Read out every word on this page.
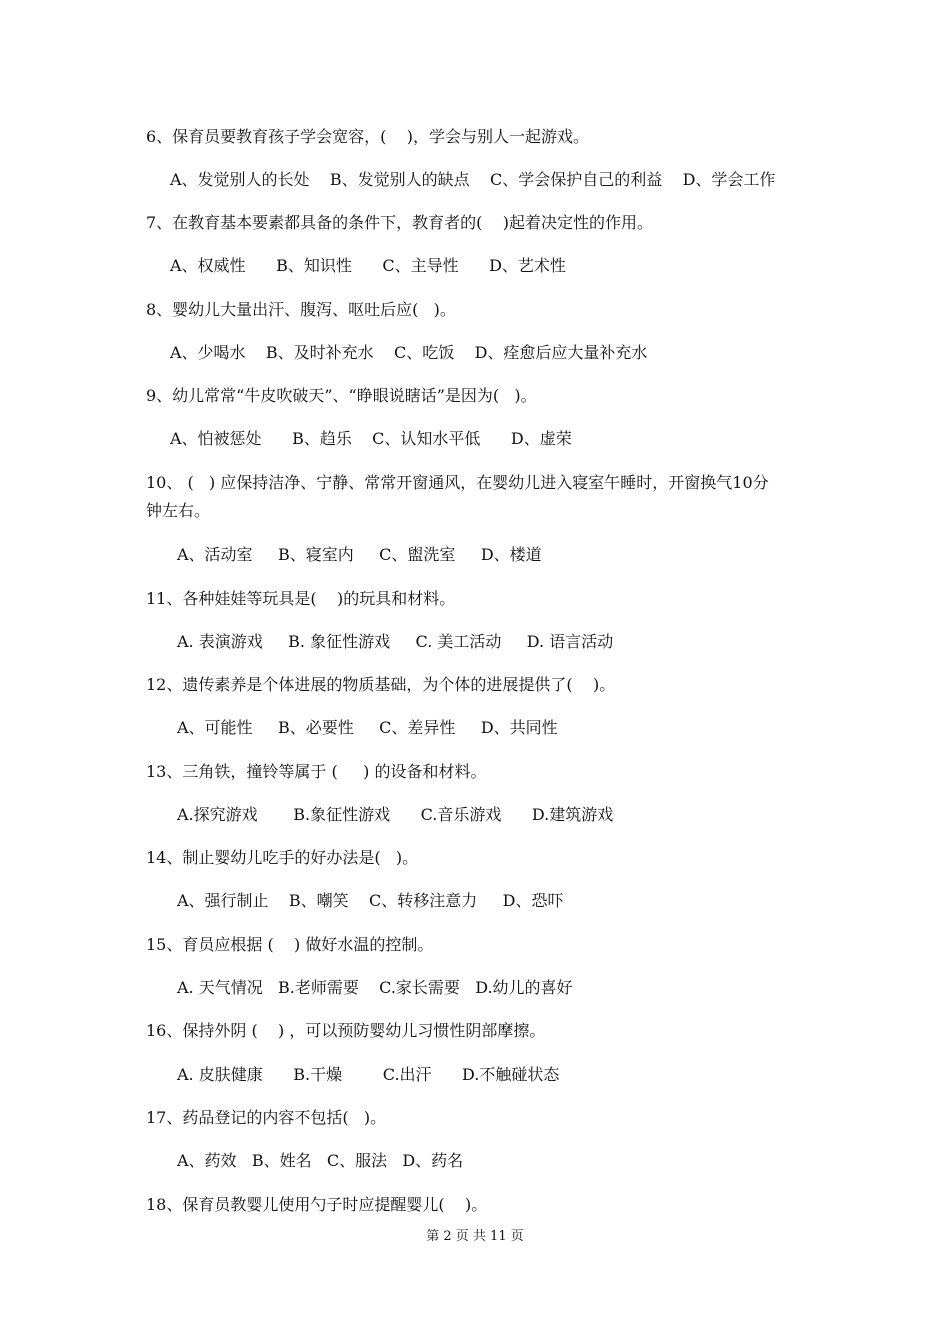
6、保育员要教育孩子学会宽容，(    )，学会与别人一起游戏。
A、发觉别人的长处    B、发觉别人的缺点    C、学会保护自己的利益    D、学会工作
7、在教育基本要素都具备的条件下，教育者的(    )起着决定性的作用。
A、权威性      B、知识性      C、主导性      D、艺术性
8、婴幼儿大量出汗、腹泻、呕吐后应(   )。
A、少喝水    B、及时补充水    C、吃饭    D、痊愈后应大量补充水
9、幼儿常常“牛皮吹破天”、“睁眼说瞎话”是因为(   )。
A、怕被惩处      B、趋乐    C、认知水平低      D、虚荣
10、 (   ) 应保持洁净、宁静、常常开窗通风，在婴幼儿进入寝室午睡时，开窗换气10分
钟左右。
A、活动室     B、寝室内     C、盥洗室     D、楼道
11、各种娃娃等玩具是(    )的玩具和材料。
A. 表演游戏     B. 象征性游戏     C. 美工活动     D. 语言活动
12、遗传素养是个体进展的物质基础，为个体的进展提供了(    )。
A、可能性     B、必要性     C、差异性     D、共同性
13、三角铁，撞铃等属于 (     ) 的设备和材料。
A.探究游戏       B.象征性游戏      C.音乐游戏      D.建筑游戏
14、制止婴幼儿吃手的好办法是(   )。
A、强行制止    B、嘲笑    C、转移注意力     D、恐吓
15、育员应根据 (    ) 做好水温的控制。
A. 天气情况   B.老师需要    C.家长需要   D.幼儿的喜好
16、保持外阴 (    ) ，可以预防婴幼儿习惯性阴部摩擦。
A. 皮肤健康      B.干燥        C.出汗      D.不触碰状态
17、药品登记的内容不包括(   )。
A、药效   B、姓名   C、服法   D、药名
18、保育员教婴儿使用勺子时应提醒婴儿(    )。
第 2 页 共 11 页
